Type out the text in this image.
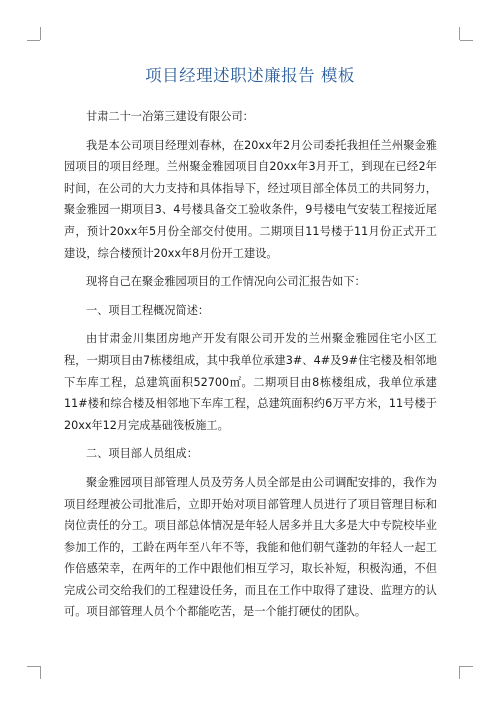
项目经理述职述廉报告 模板

甘肃二十一冶第三建设有限公司：

我是本公司项目经理刘春林，在20xx年2月公司委托我担任兰州聚金雅园项目的项目经理。兰州聚金雅园项目自20xx年3月开工，到现在已经2年时间，在公司的大力支持和具体指导下，经过项目部全体员工的共同努力，聚金雅园一期项目3、4号楼具备交工验收条件，9号楼电气安装工程接近尾声，预计20xx年5月份全部交付使用。二期项目11号楼于11月份正式开工建设，综合楼预计20xx年8月份开工建设。

现将自己在聚金雅园项目的工作情况向公司汇报告如下：

一、项目工程概况简述：

由甘肃金川集团房地产开发有限公司开发的兰州聚金雅园住宅小区工程，一期项目由7栋楼组成，其中我单位承建3#、4#及9#住宅楼及相邻地下车库工程，总建筑面积52700㎡。二期项目由8栋楼组成，我单位承建11#楼和综合楼及相邻地下车库工程，总建筑面积约6万平方米，11号楼于20xx年12月完成基础筏板施工。

二、项目部人员组成：

聚金雅园项目部管理人员及劳务人员全部是由公司调配安排的，我作为项目经理被公司批准后，立即开始对项目部管理人员进行了项目管理目标和岗位责任的分工。项目部总体情况是年轻人居多并且大多是大中专院校毕业参加工作的，工龄在两年至八年不等，我能和他们朝气蓬勃的年轻人一起工作倍感荣幸，在两年的工作中跟他们相互学习，取长补短，积极沟通，不但完成公司交给我们的工程建设任务，而且在工作中取得了建设、监理方的认可。项目部管理人员个个都能吃苦，是一个能打硬仗的团队。
